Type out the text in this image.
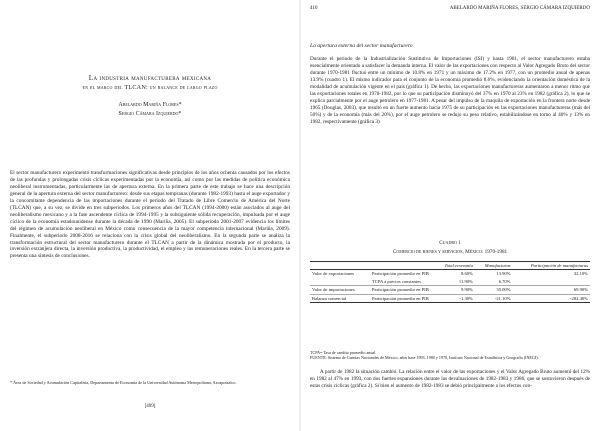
La industria manufacturera mexicana
en el marco del TLCAN: un balance de largo plazo
Abelardo Mariña Flores*
Sergio Cámara Izquierdo*
El sector manufacturero experimentó transformaciones significativas desde principios de los años ochenta causados por los efectos de las profundas y prolongadas crisis cíclicas experimentadas por la economía, así como por las medidas de política económica neoliberal instrumentadas, particularmente las de apertura externa. En la primera parte de este trabajo se hace una descripción general de la apertura externa del sector manufacturero: desde sus etapas tempranas (durante 1982-1993) hasta el auge exportador y la concomitante dependencia de las importaciones durante el periodo del Tratado de Libre Comercio de América del Norte (TLCAN) que, a su vez, se divide en tres subperiodos. Los primeros años del TLCAN (1994-2000) están asociados al auge del neoliberalismo mexicano y a la fase ascendente cíclica de 1994-1995 y la subsiguiente sólida recuperación, impulsada por el auge cíclico de la economía estadounidense durante la década de 1990 (Mariña, 2005). El subperiodo 2001-2007 evidencia los límites del régimen de acumulación neoliberal en México como consecuencia de la mayor competencia internacional (Mariña, 2009). Finalmente, el subperiodo 2008-2016 se relaciona con la crisis global del neoliberalismo. En la segunda parte se analiza la transformación estructural del sector manufacturero durante el TLCAN a partir de la dinámica mostrada por el producto, la inversión extranjera directa, la inversión productiva, la productividad, el empleo y las remuneraciones reales. En la tercera parte se presenta una síntesis de conclusiones.
* Área de Sociedad y Acumulación Capitalista, Departamento de Economía de la Universidad Autónoma Metropolitana, Azcapotzalco.
[409]
410	ABELARDO MARIÑA FLORES, SERGIO CÁMARA IZQUIERDO
La apertura externa del sector manufacturero
Durante el periodo de la Industrialización Sustitutiva de Importaciones (ISI) y hasta 1981, el sector manufacturero estaba esencialmente orientado a satisfacer la demanda interna. El valor de las exportaciones con respecto al Valor Agregado Bruto del sector durante 1970-1981 fluctuó entre un mínimo de 10.8% en 1971 y un máximo de 17.2% en 1977, con un promedio anual de apenas 13.9% (cuadro 1). El mismo indicador para el conjunto de la economía promedió 8.6%, evidenciando la orientación doméstica de la modalidad de acumulación vigente en el país (gráfica 1). De hecho, las exportaciones manufactureras aumentaron a menor ritmo que las exportaciones totales en 1970-1982, por lo que su participación disminuyó del 37% en 1970 al 23% en 1982 (gráfica 2), lo que se explica parcialmente por el auge petrolero en 1977-1981. A pesar del impulso de la maquila de exportación en la frontera norte desde 1965 (Douglas, 2003), que resultó en un fuerte aumento hacia 1975 de su participación en las exportaciones manufactureras (más del 50%) y de la economía (más del 20%), por el auge petrolero se redujo su peso relativo, estabilizándose en torno al 40% y 13% en 1982, respectivamente (gráfica 3)
Cuadro 1
Comercio de bienes y servicios, México: 1970-1981
		Total economía	Manufacturas	Participación de manufacturas
Valor de exportaciones	Participación promedio en PIB	8.60%	13.90%	32.10%
	TCPA a precios constantes	11.90%	6.70%	
Valor de importaciones	Participación promedio en PIB	9.90%	35.00%	69.90%
Balanza comercial	Participación promedio en PIB	-1.30%	-21.10%	-282.40%
TCPA= Tasa de cambio promedio anual.
FUENTE: Sistema de Cuentas Nacionales de México, años base 1993, 1980 y 1970, Instituto Nacional de Estadística y Geografía (INEGI).
A partir de 1982 la situación cambió. La relación entre el valor de las exportaciones y el Valor Agregado Bruto aumentó del 12% en 1982 al 47% en 1993, con dos fuertes expansiones durante las devaluaciones de 1982-1983 y 1986, que se sostuvieron después de estas crisis cíclicas (gráfica 2). Si bien el aumento de 1982-1983 se debió principalmente a los efectos con-
